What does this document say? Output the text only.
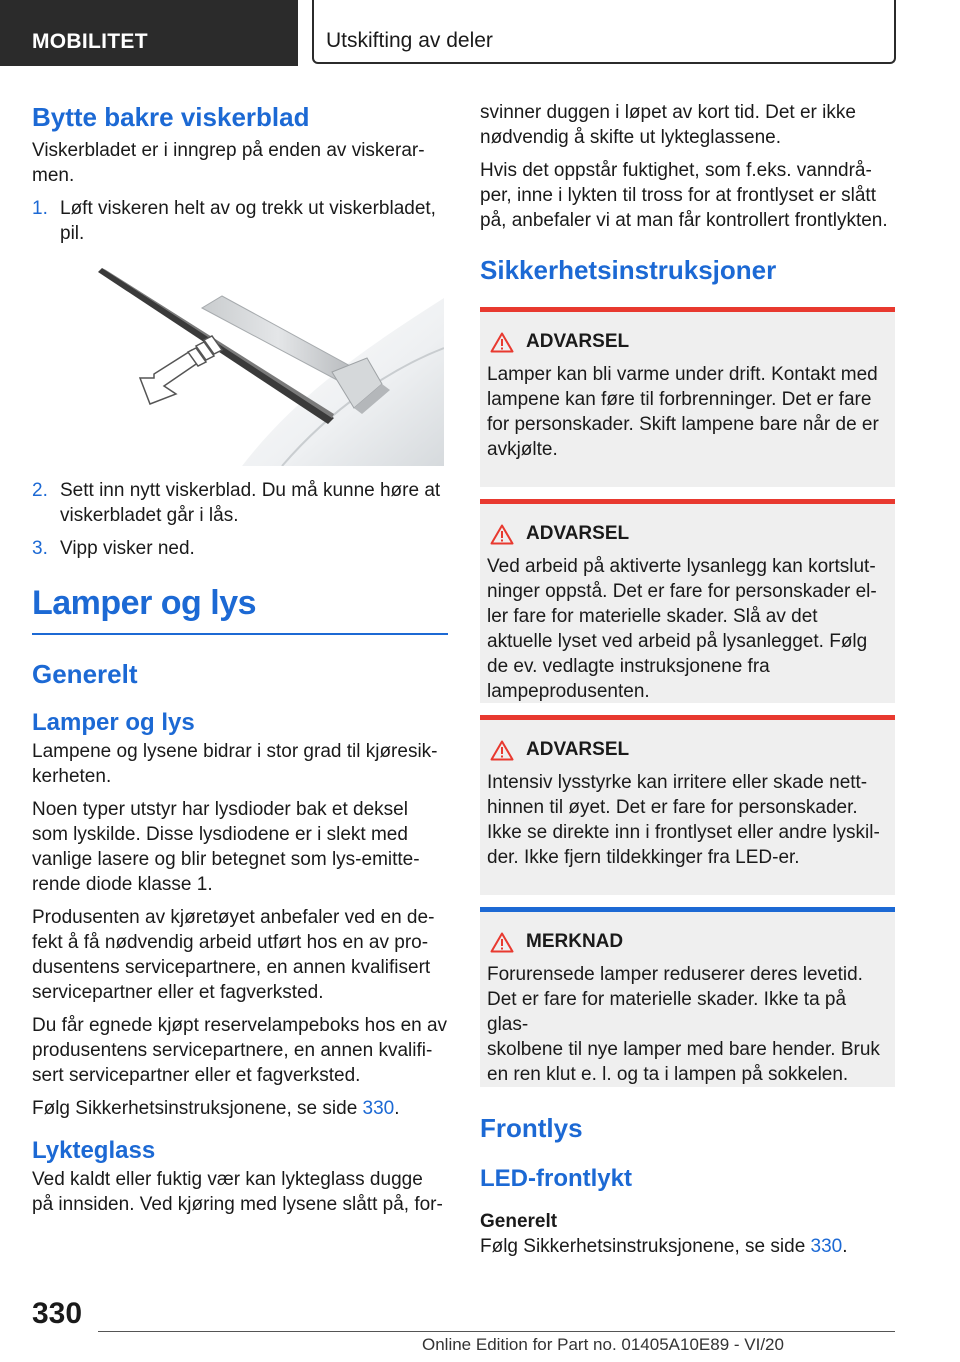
MOBILITET	Utskifting av deler
Bytte bakre viskerblad

Viskerbladet er i inngrep på enden av viskerar-
men.

1. Løft viskeren helt av og trekk ut viskerbladet, pil.
2. Sett inn nytt viskerblad. Du må kunne høre at viskerbladet går i lås.
3. Vipp visker ned.
Lamper og lys
Generelt
Lamper og lys

Lampene og lysene bidrar i stor grad til kjøresik-
kerheten.

Noen typer utstyr har lysdioder bak et deksel som lyskilde. Disse lysdiodene er i slekt med vanlige lasere og blir betegnet som lys-emitte-
rende diode klasse 1.

Produsenten av kjøretøyet anbefaler ved en de-
fekt å få nødvendig arbeid utført hos en av pro-
dusentens servicepartnere, en annen kvalifisert servicepartner eller et fagverksted.

Du får egnede kjøpt reservelampeboks hos en av produsentens servicepartnere, en annen kvalifi-
sert servicepartner eller et fagverksted.

Følg Sikkerhetsinstruksjonene, se side 330.

Lykteglass

Ved kaldt eller fuktig vær kan lykteglass dugge på innsiden. Ved kjøring med lysene slått på, for-

svinner duggen i løpet av kort tid. Det er ikke nødvendig å skifte ut lykteglassene.

Hvis det oppstår fuktighet, som f.eks. vanndrå-
per, inne i lykten til tross for at frontlyset er slått på, anbefaler vi at man får kontrollert frontlykten.

Sikkerhetsinstruksjoner
ADVARSEL

Lamper kan bli varme under drift. Kontakt med lampene kan føre til forbrenninger. Det er fare for personskader. Skift lampene bare når de er avkjølte.

ADVARSEL

Ved arbeid på aktiverte lysanlegg kan kortslut-
ninger oppstå. Det er fare for personskader el-
ler fare for materielle skader. Slå av det aktuelle lyset ved arbeid på lysanlegget. Følg de ev. vedlagte instruksjonene fra lampeprodusenten.

ADVARSEL

Intensiv lysstyrke kan irritere eller skade nett-
hinnen til øyet. Det er fare for personskader. Ikke se direkte inn i frontlyset eller andre lyskil-
der. Ikke fjern tildekkinger fra LED-er.

MERKNAD

Forurensede lamper reduserer deres levetid. Det er fare for materielle skader. Ikke ta på glas-
skolbene til nye lamper med bare hender. Bruk en ren klut e. l. og ta i lampen på sokkelen.

Frontlys
LED-frontlykt
Generelt

Følg Sikkerhetsinstruksjonene, se side 330.

330
Online Edition for Part no. 01405A10E89 - VI/20
